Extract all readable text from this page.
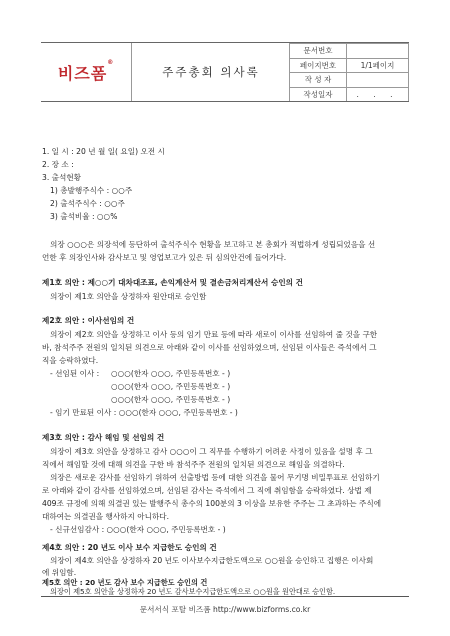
비즈폼®
주주총회 의사록
문서번호	
페이지번호	1/1페이지
작 성 자	
작성일자	. . .
1. 일 시 : 20 년 월 일( 요일) 오전 시
2. 장 소 :
3. 출석현황
1) 총발행주식수 : ○○주
2) 출석주식수 : ○○주
3) 출석비율 : ○○%
의장 ○○○은 의장석에 등단하여 출석주식수 현황을 보고하고 본 총회가 적법하게 성립되었음을 선
언한 후 의장인사와 감사보고 및 영업보고가 있은 뒤 심의안건에 들어가다.
제1호 의안 : 제○○기 대차대조표, 손익계산서 및 결손금처리계산서 승인의 건
의장이 제1호 의안을 상정하자 원안대로 승인함
제2호 의안 : 이사선임의 건
의장이 제2호 의안을 상정하고 이사 등의 임기 만료 등에 따라 새로이 이사를 선임하여 줄 것을 구한
바, 참석주주 전원의 일치된 의견으로 아래와 같이 이사를 선임하였으며, 선임된 이사들은 즉석에서 그
직을 승락하였다.
- 선임된 이사 : ○○○(한자 ○○○, 주민등록번호 - )
○○○(한자 ○○○, 주민등록번호 - )
○○○(한자 ○○○, 주민등록번호 - )
- 임기 만료된 이사 : ○○○(한자 ○○○, 주민등록번호 - )
제3호 의안 : 감사 해임 및 선임의 건
의장이 제3호 의안을 상정하고 감사 ○○○이 그 직무를 수행하기 어려운 사정이 있음을 설명 후 그
직에서 해임할 것에 대해 의견을 구한 바 참석주주 전원의 일치된 의견으로 해임을 의결하다.
의장은 새로운 감사를 선임하기 위하여 선출방법 등에 대한 의견을 물어 무기명 비밀투표로 선임하기
로 아래와 같이 감사를 선임하였으며, 선임된 감사는 즉석에서 그 직에 취임함을 승락하였다. 상법 제
409조 규정에 의해 의결권 있는 발행주식 총수의 100분의 3 이상을 보유한 주주는 그 초과하는 주식에
대하여는 의결권을 행사하지 아니하다.
- 신규선임감사 : ○○○(한자 ○○○, 주민등록번호 - )
제4호 의안 : 20 년도 이사 보수 지급한도 승인의 건
의장이 제4호 의안을 상정하자 20 년도 이사보수지급한도액으로 ○○원을 승인하고 집행은 이사회
에 위임함.
제5호 의안 : 20 년도 감사 보수 지급한도 승인의 건
의장이 제5호 의안을 상정하자 20 년도 감사보수지급한도액으로 ○○원을 원안대로 승인함.
문서서식 포탈 비즈폼 http://www.bizforms.co.kr
